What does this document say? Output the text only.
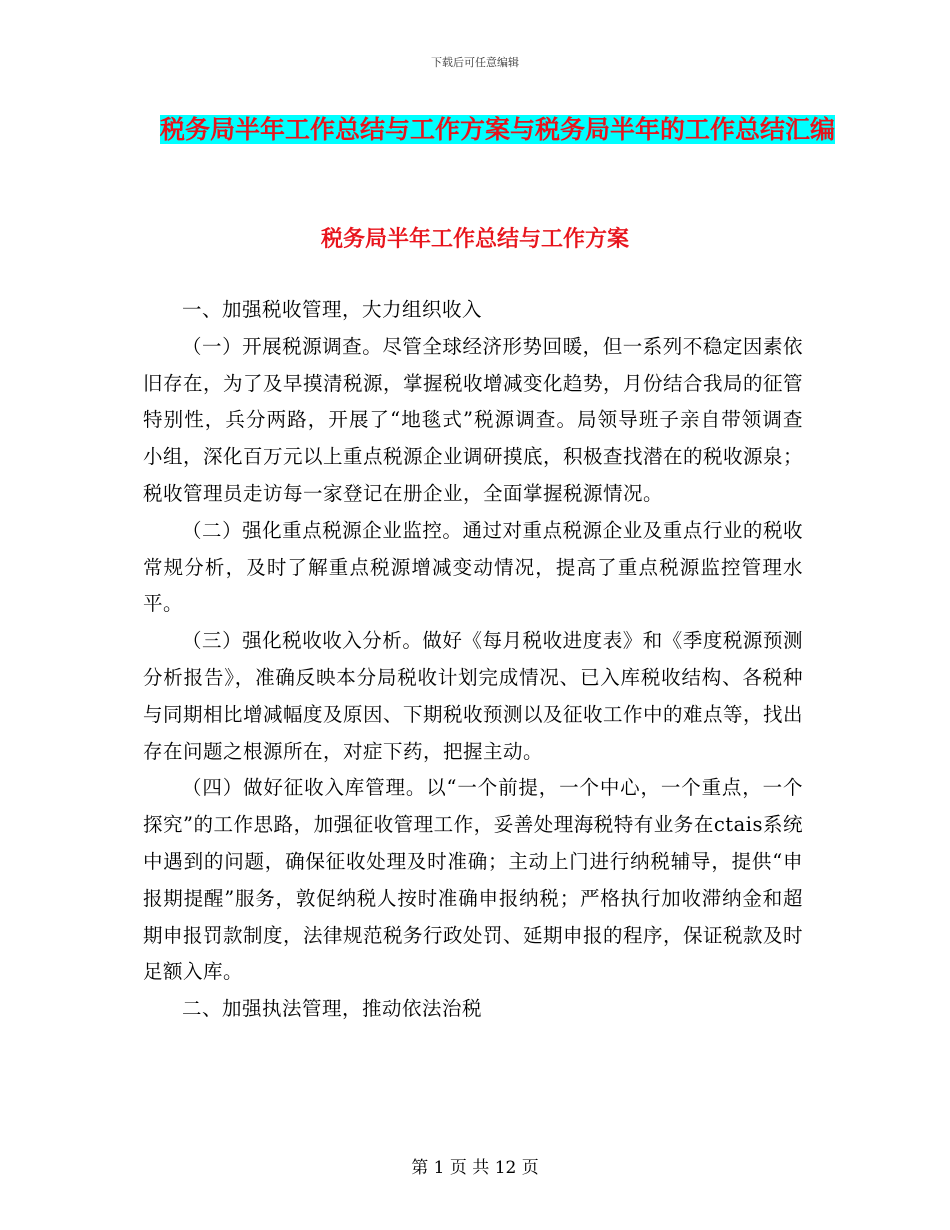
下载后可任意编辑
税务局半年工作总结与工作方案与税务局半年的工作总结汇编
税务局半年工作总结与工作方案

一、加强税收管理，大力组织收入

（一）开展税源调查。尽管全球经济形势回暖，但一系列不稳定因素依旧存在，为了及早摸清税源，掌握税收增减变化趋势，月份结合我局的征管特别性，兵分两路，开展了“地毯式”税源调查。局领导班子亲自带领调查小组，深化百万元以上重点税源企业调研摸底，积极查找潜在的税收源泉；税收管理员走访每一家登记在册企业，全面掌握税源情况。

（二）强化重点税源企业监控。通过对重点税源企业及重点行业的税收常规分析，及时了解重点税源增减变动情况，提高了重点税源监控管理水平。

（三）强化税收收入分析。做好《每月税收进度表》和《季度税源预测分析报告》，准确反映本分局税收计划完成情况、已入库税收结构、各税种与同期相比增减幅度及原因、下期税收预测以及征收工作中的难点等，找出存在问题之根源所在，对症下药，把握主动。

（四）做好征收入库管理。以“一个前提，一个中心，一个重点，一个探究”的工作思路，加强征收管理工作，妥善处理海税特有业务在ctais系统中遇到的问题，确保征收处理及时准确；主动上门进行纳税辅导，提供“申报期提醒”服务，敦促纳税人按时准确申报纳税；严格执行加收滞纳金和超期申报罚款制度，法律规范税务行政处罚、延期申报的程序，保证税款及时足额入库。

二、加强执法管理，推动依法治税

第 1 页 共 12 页
